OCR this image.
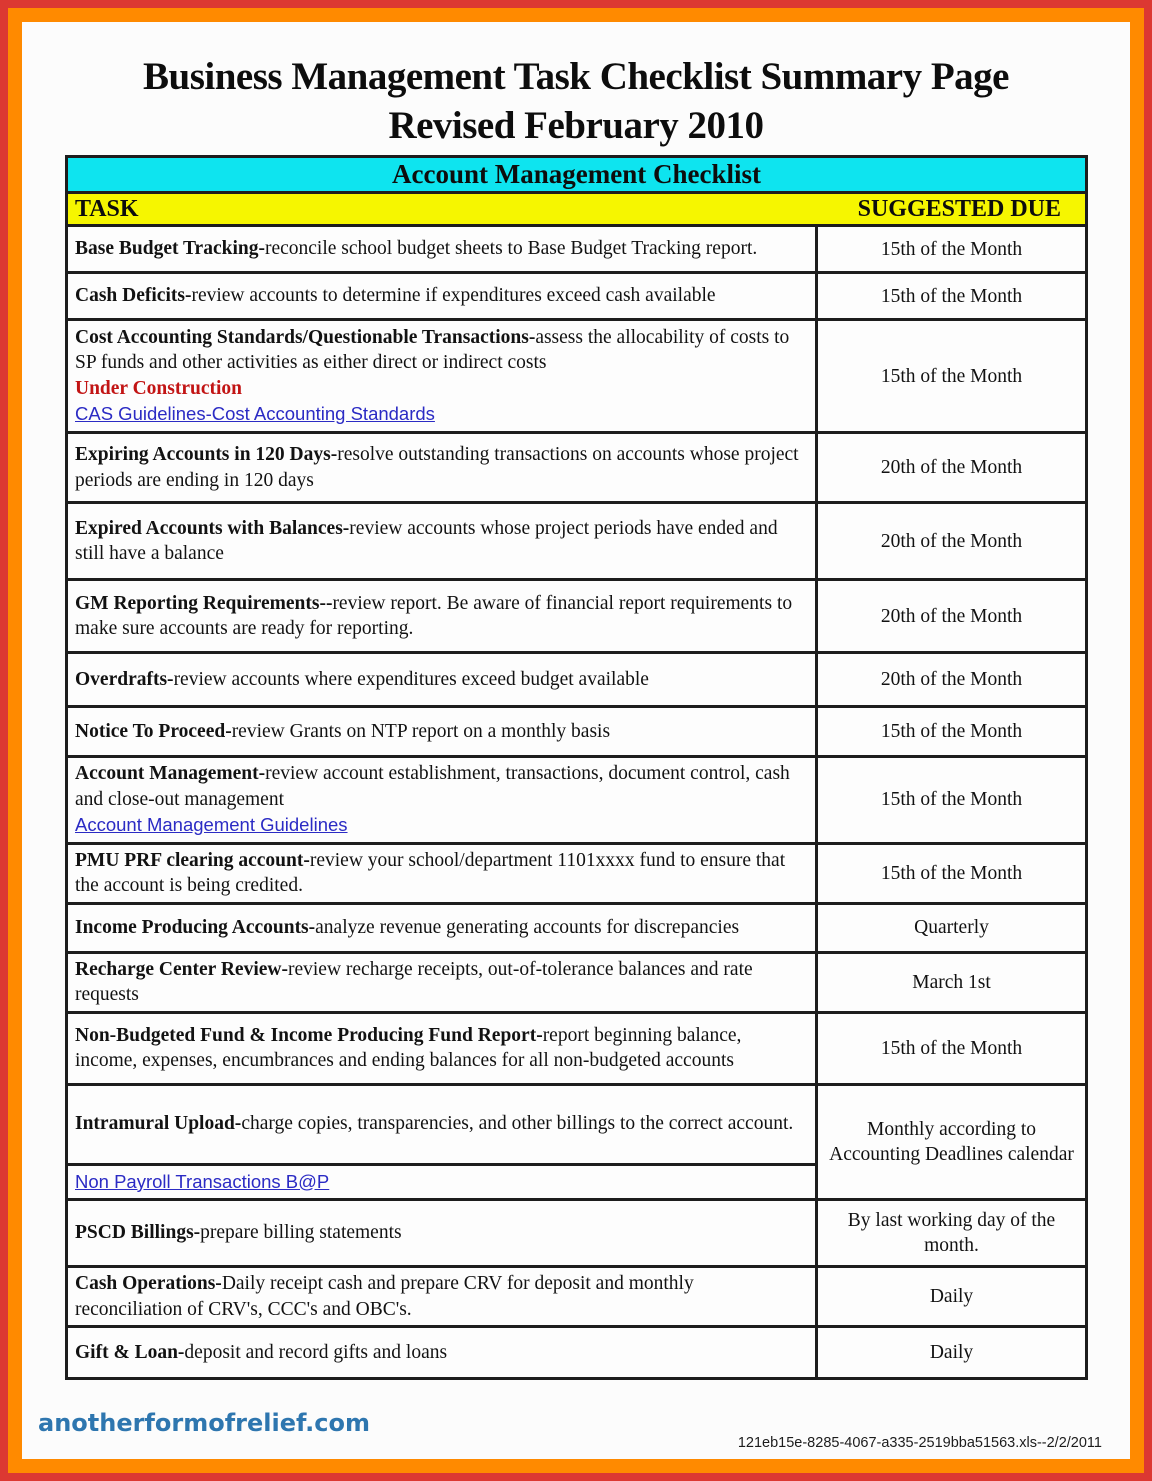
Business Management Task Checklist Summary Page
Revised February 2010
Account Management Checklist	

TASK SUGGESTED DUE	

Base Budget Tracking-reconcile school budget sheets to Base Budget Tracking report.	15th of the Month

Cash Deficits-review accounts to determine if expenditures exceed cash available	15th of the Month

Cost Accounting Standards/Questionable Transactions-assess the allocability of costs to SP funds and other activities as either direct or indirect costs
Under Construction
CAS Guidelines-Cost Accounting Standards	15th of the Month

Expiring Accounts in 120 Days-resolve outstanding transactions on accounts whose project periods are ending in 120 days	20th of the Month

Expired Accounts with Balances-review accounts whose project periods have ended and still have a balance	20th of the Month

GM Reporting Requirements--review report. Be aware of financial report requirements to make sure accounts are ready for reporting.	20th of the Month

Overdrafts-review accounts where expenditures exceed budget available	20th of the Month

Notice To Proceed-review Grants on NTP report on a monthly basis	15th of the Month

Account Management-review account establishment, transactions, document control, cash and close-out management
Account Management Guidelines	15th of the Month

PMU PRF clearing account-review your school/department 1101xxxx fund to ensure that the account is being credited.	15th of the Month

Income Producing Accounts-analyze revenue generating accounts for discrepancies	Quarterly

Recharge Center Review-review recharge receipts, out-of-tolerance balances and rate requests	March 1st

Non-Budgeted Fund & Income Producing Fund Report-report beginning balance, income, expenses, encumbrances and ending balances for all non-budgeted accounts	15th of the Month

Intramural Upload-charge copies, transparencies, and other billings to the correct account.	Monthly according to Accounting Deadlines calendar

Non Payroll Transactions B@P	

PSCD Billings-prepare billing statements	By last working day of the month.

Cash Operations-Daily receipt cash and prepare CRV for deposit and monthly reconciliation of CRV's, CCC's and OBC's.	Daily

Gift & Loan-deposit and record gifts and loans	Daily
anotherformofrelief.com
121eb15e-8285-4067-a335-2519bba51563.xls--2/2/2011
